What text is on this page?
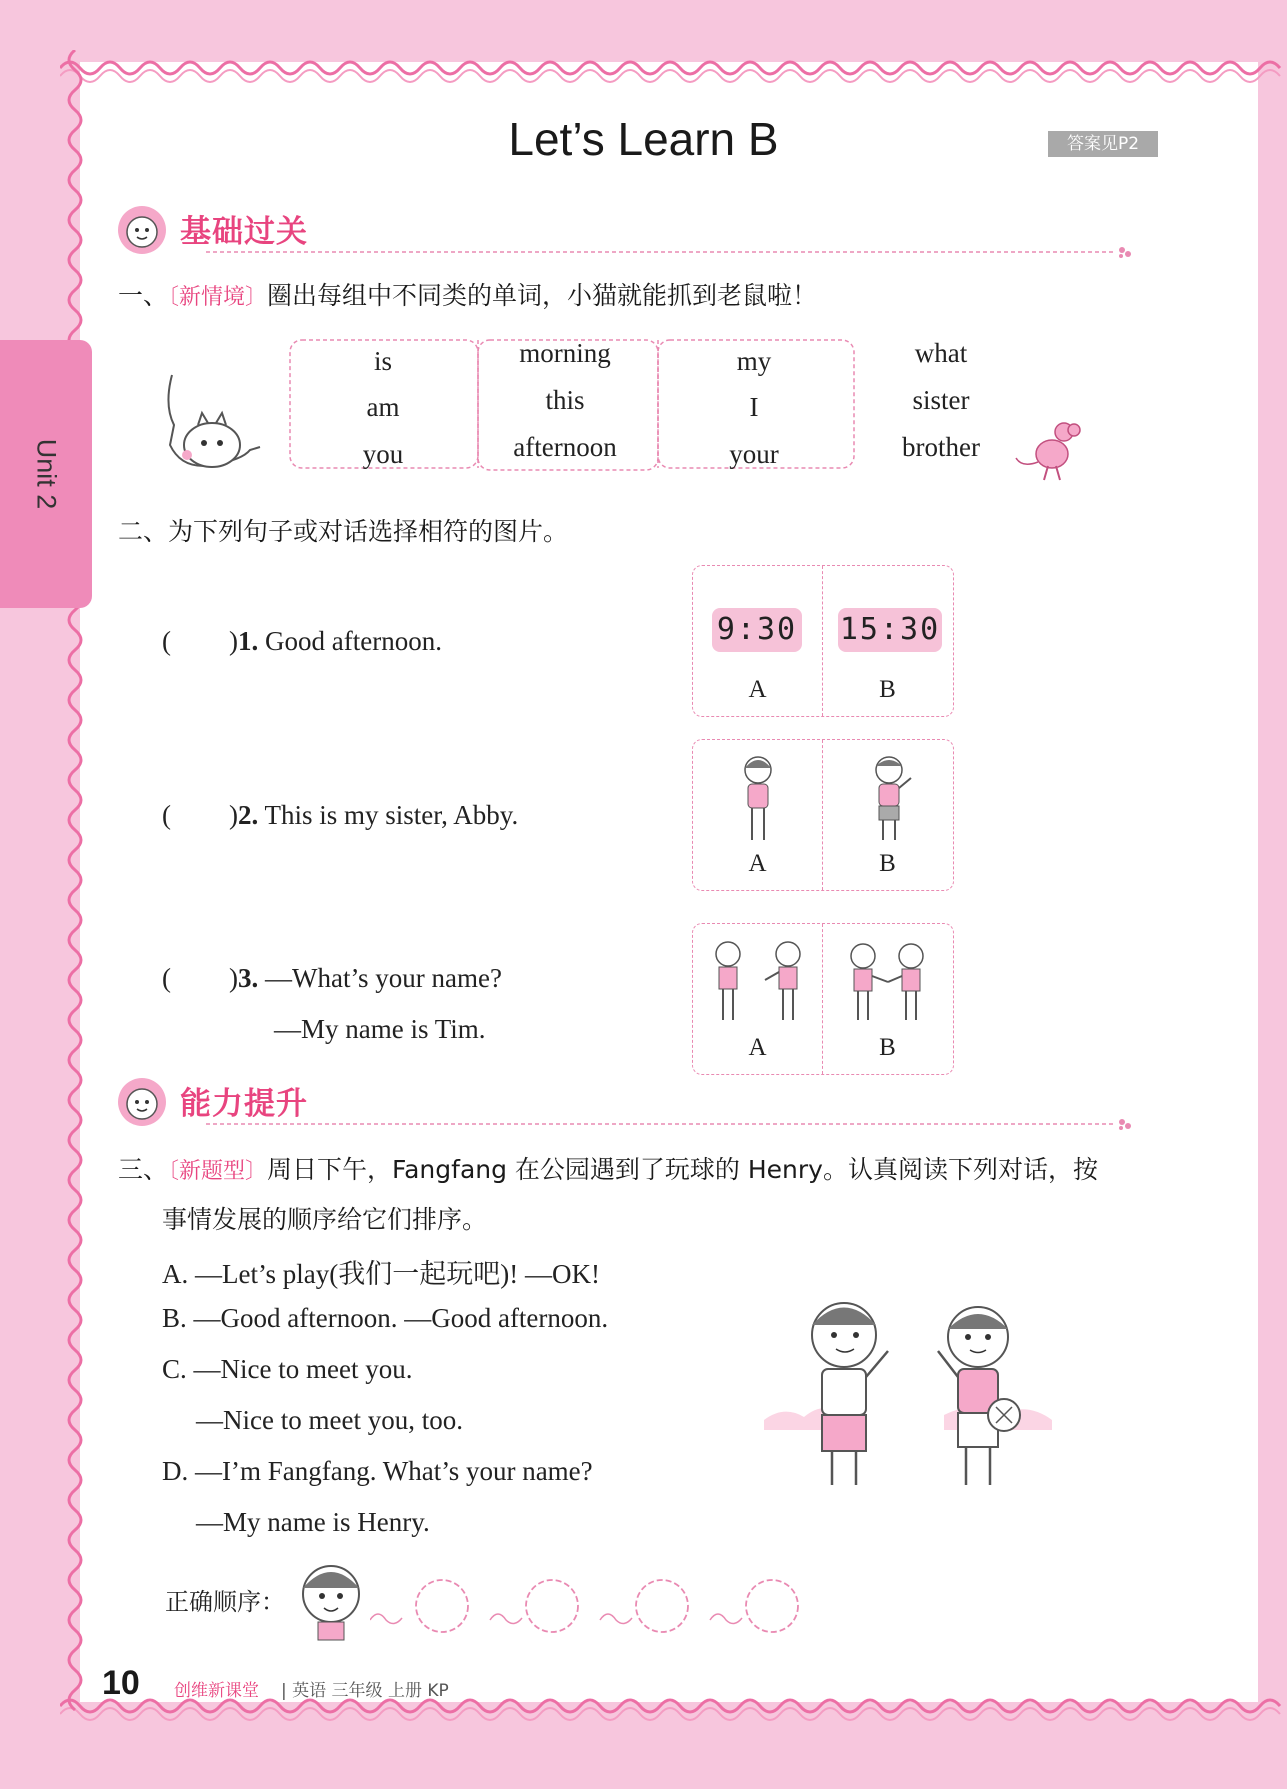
Unit 2
Let’s Learn B	答案见P2
基础过关
一、〔新情境〕圈出每组中不同类的单词，小猫就能抓到老鼠啦！
is
am
you
morning
this
afternoon
my
I
your
what
sister
brother
二、为下列句子或对话选择相符的图片。
( )1. Good afternoon.	9:30 15:30
A	B
( )2. This is my sister, Abby.
A	B
( )3. —What’s your name?
—My name is Tim.
A	B
能力提升
三、〔新题型〕周日下午，Fangfang 在公园遇到了玩球的 Henry。认真阅读下列对话，按
事情发展的顺序给它们排序。
A. —Let’s play(我们一起玩吧)! —OK!
B. —Good afternoon. —Good afternoon.
C. —Nice to meet you.
—Nice to meet you, too.
D. —I’m Fangfang. What’s your name?
—My name is Henry.
正确顺序：
10 创维新课堂 | 英语 三年级 上册 KP
